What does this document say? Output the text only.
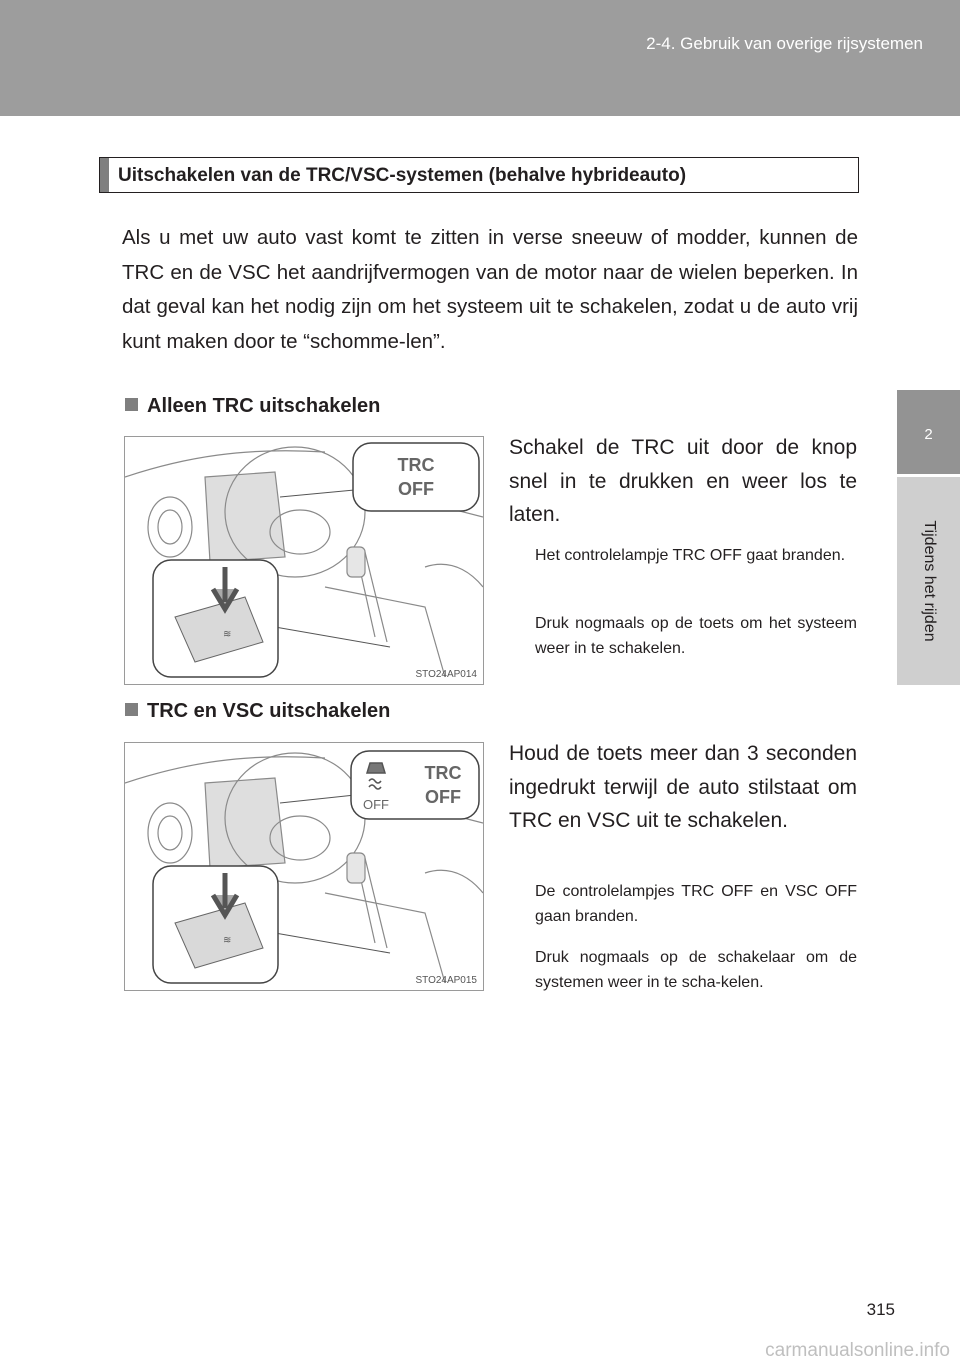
2-4. Gebruik van overige rijsystemen
2
Tijdens het rijden
Uitschakelen van de TRC/VSC-systemen (behalve hybrideauto)
Als u met uw auto vast komt te zitten in verse sneeuw of modder, kunnen de TRC en de VSC het aandrijfvermogen van de motor naar de wielen beperken. In dat geval kan het nodig zijn om het systeem uit te schakelen, zodat u de auto vrij kunt maken door te “schomme-len”.
Alleen TRC uitschakelen
TRC
OFF
≋
STO24AP014
Schakel de TRC uit door de knop snel in te drukken en weer los te laten.
Het controlelampje TRC OFF gaat branden.
Druk nogmaals op de toets om het systeem weer in te schakelen.
TRC en VSC uitschakelen
OFF
TRC
OFF
≋
STO24AP015
Houd de toets meer dan 3 seconden ingedrukt terwijl de auto stilstaat om TRC en VSC uit te schakelen.
De controlelampjes TRC OFF en VSC OFF gaan branden.
Druk nogmaals op de schakelaar om de systemen weer in te scha-kelen.
315
carmanualsonline.info
